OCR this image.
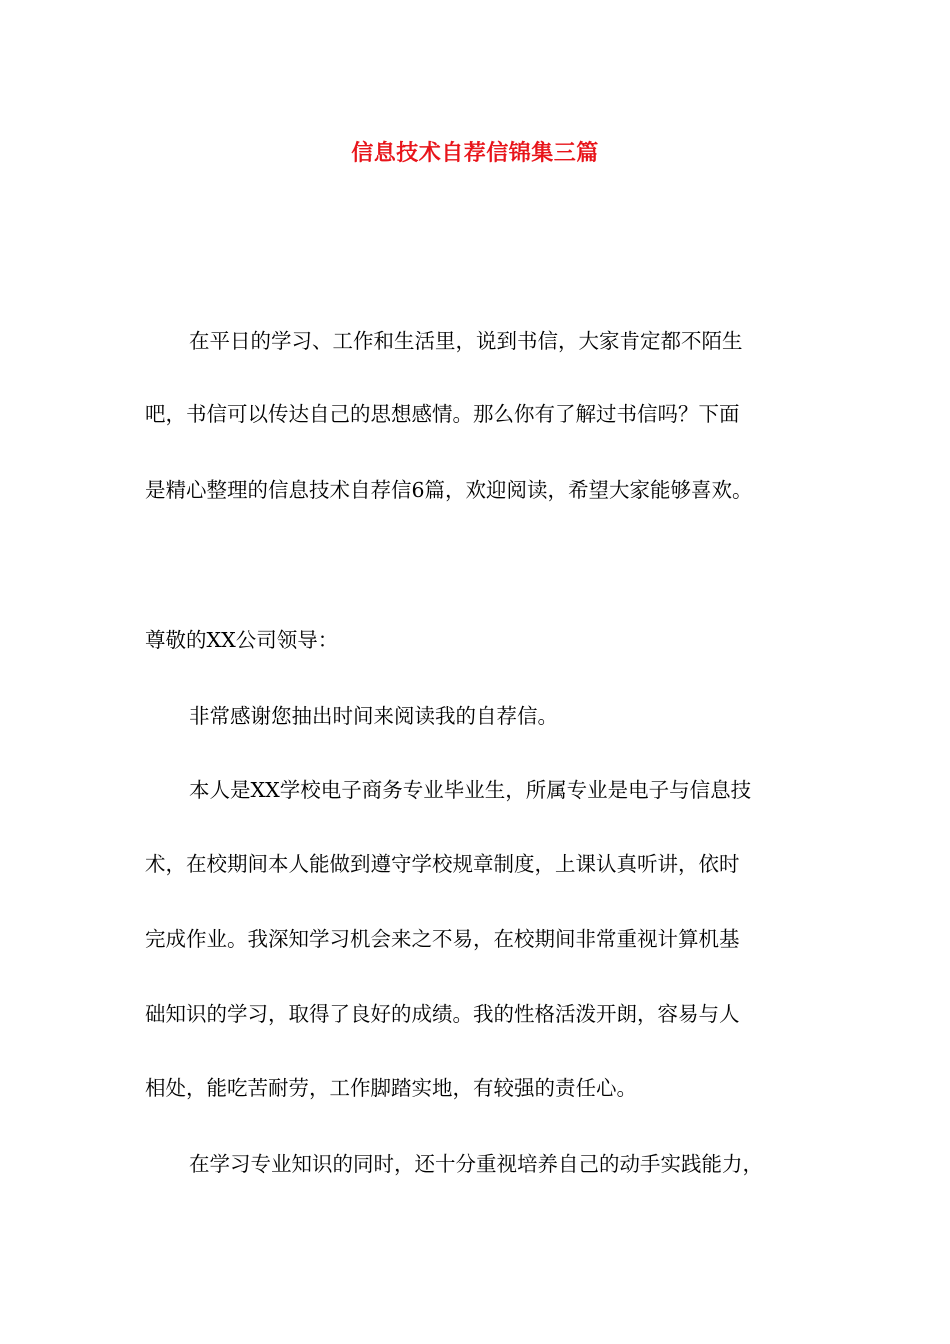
信息技术自荐信锦集三篇
在平日的学习、工作和生活里，说到书信，大家肯定都不陌生
吧，书信可以传达自己的思想感情。那么你有了解过书信吗？下面
是精心整理的信息技术自荐信6篇，欢迎阅读，希望大家能够喜欢。
尊敬的XX公司领导：
非常感谢您抽出时间来阅读我的自荐信。
本人是XX学校电子商务专业毕业生，所属专业是电子与信息技
术，在校期间本人能做到遵守学校规章制度，上课认真听讲，依时
完成作业。我深知学习机会来之不易，在校期间非常重视计算机基
础知识的学习，取得了良好的成绩。我的性格活泼开朗，容易与人
相处，能吃苦耐劳，工作脚踏实地，有较强的责任心。
在学习专业知识的同时，还十分重视培养自己的动手实践能力，
